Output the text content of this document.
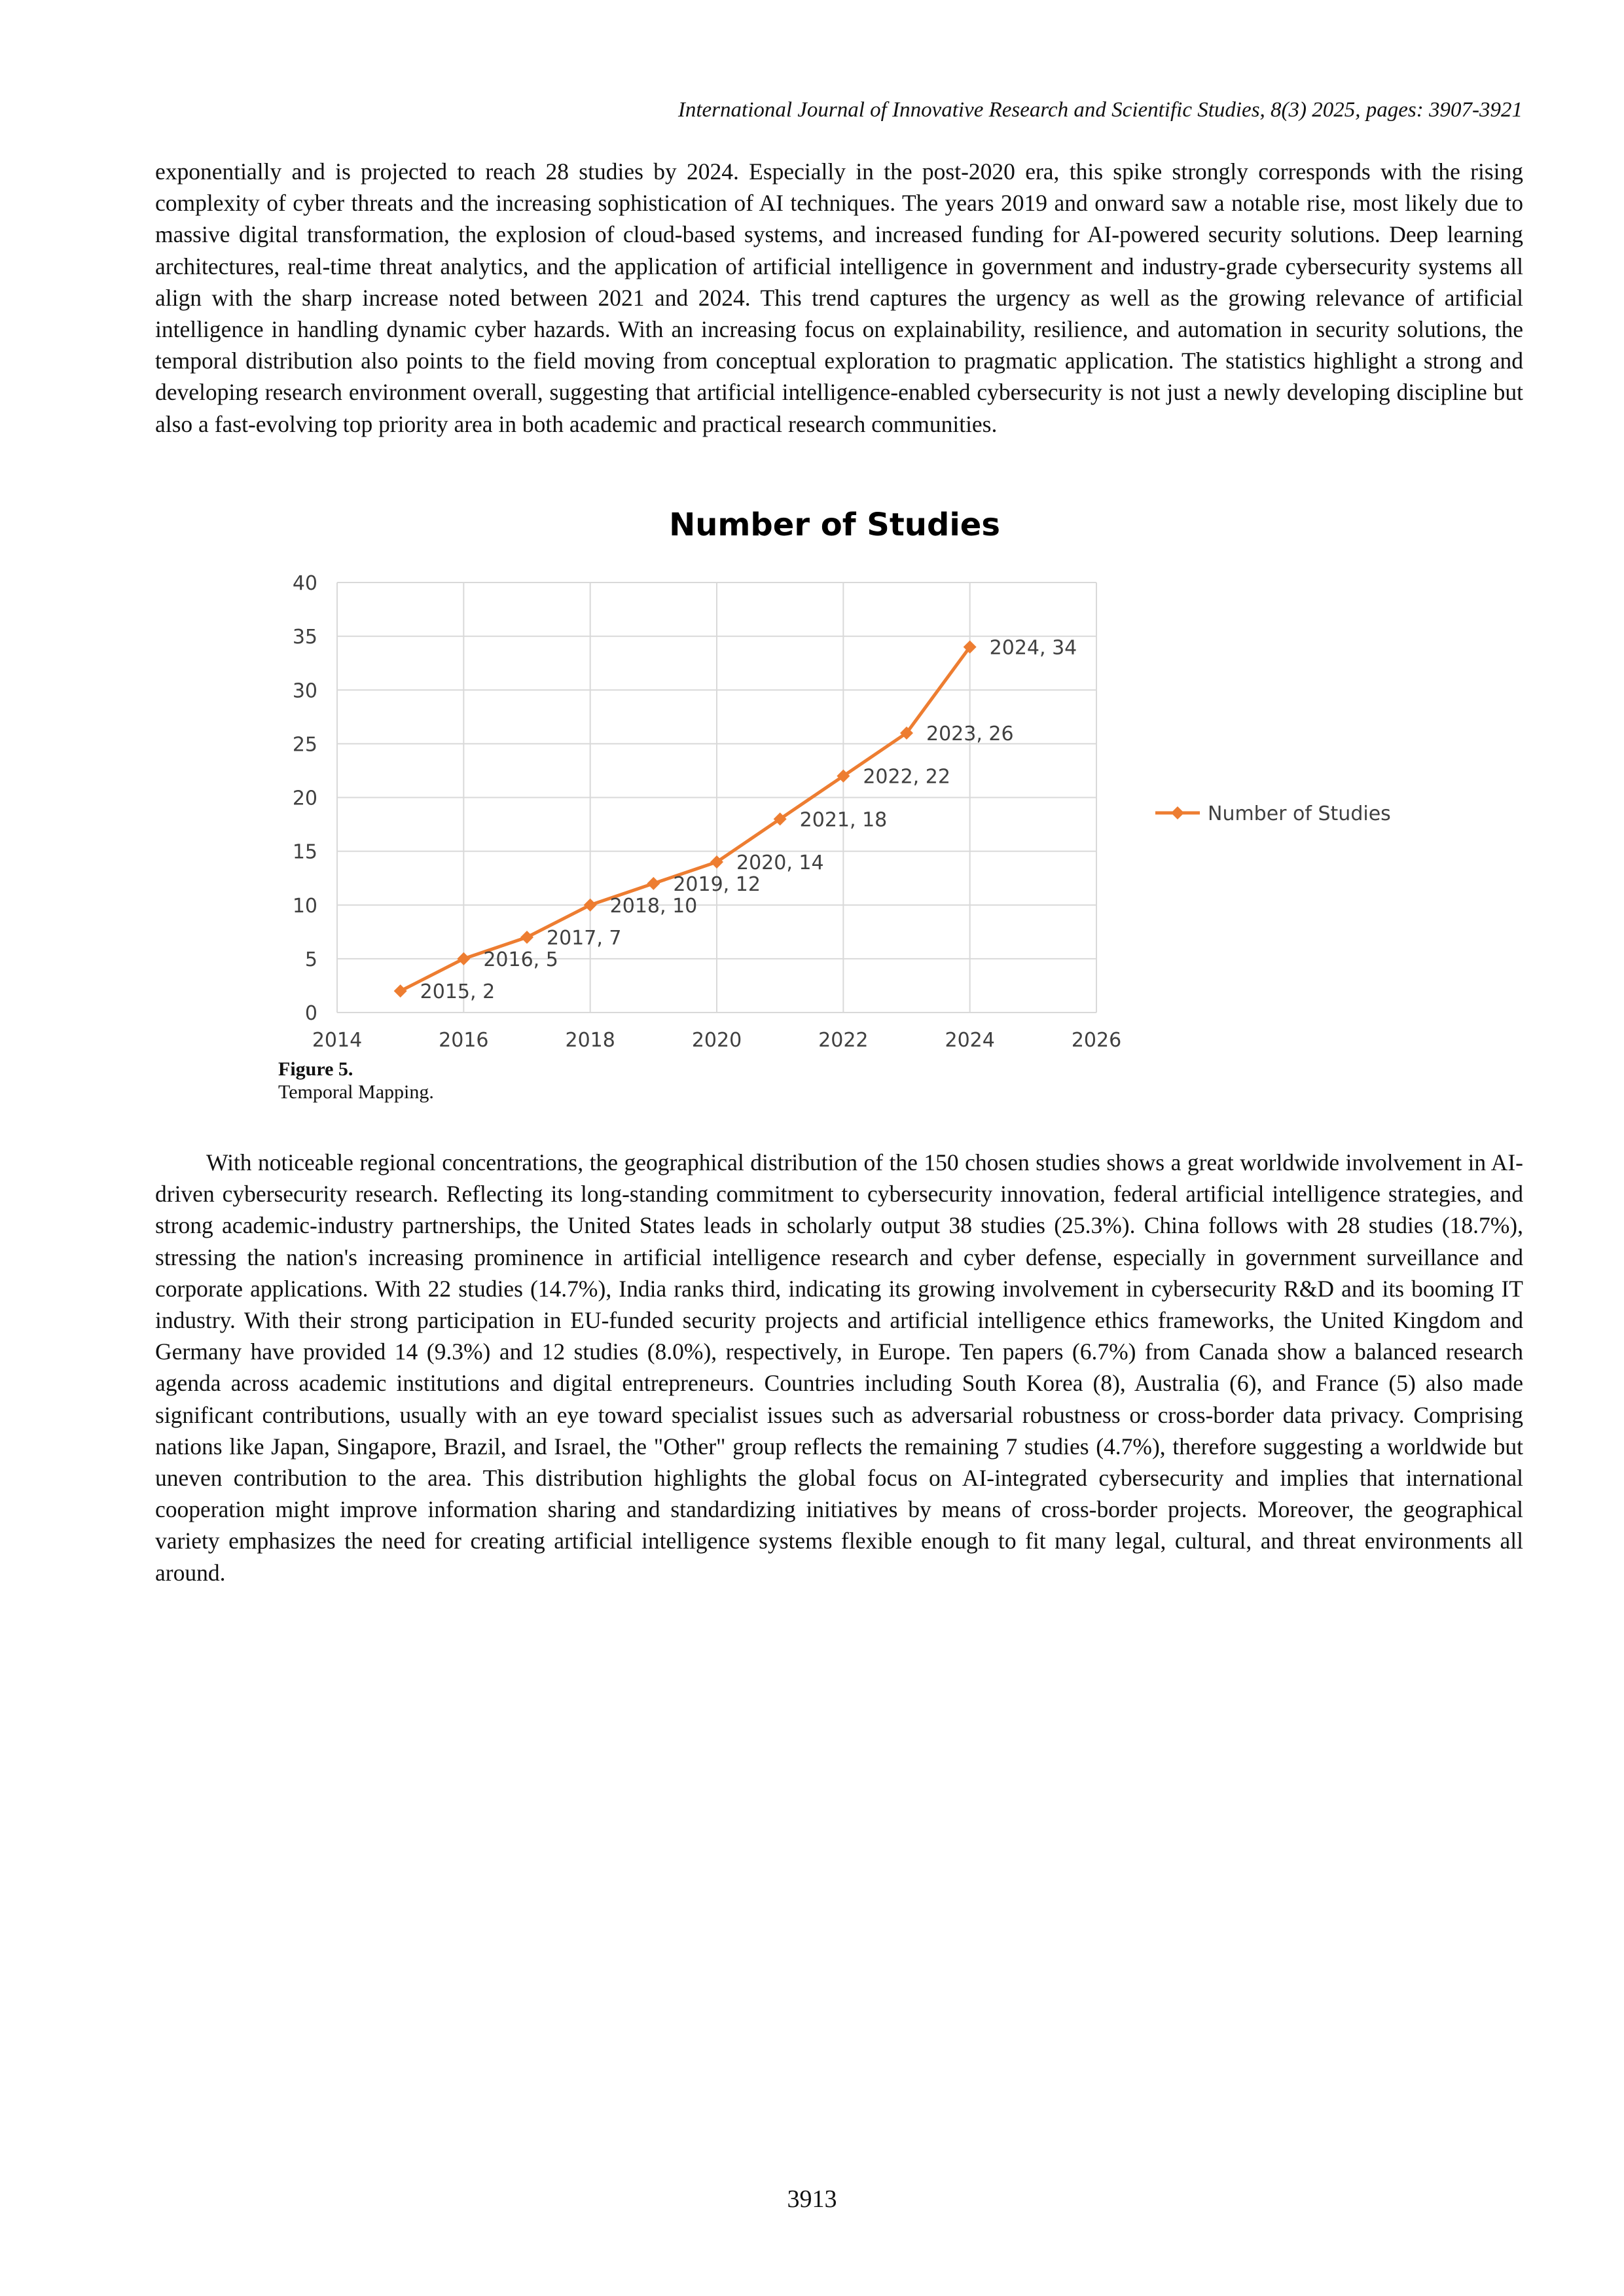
International Journal of Innovative Research and Scientific Studies, 8(3) 2025, pages: 3907-3921

exponentially and is projected to reach 28 studies by 2024. Especially in the post-2020 era, this spike strongly corresponds with the rising complexity of cyber threats and the increasing sophistication of AI techniques. The years 2019 and onward saw a notable rise, most likely due to massive digital transformation, the explosion of cloud-based systems, and increased funding for AI-powered security solutions. Deep learning architectures, real-time threat analytics, and the application of artificial intelligence in government and industry-grade cybersecurity systems all align with the sharp increase noted between 2021 and 2024. This trend captures the urgency as well as the growing relevance of artificial intelligence in handling dynamic cyber hazards. With an increasing focus on explainability, resilience, and automation in security solutions, the temporal distribution also points to the field moving from conceptual exploration to pragmatic application. The statistics highlight a strong and developing research environment overall, suggesting that artificial intelligence-enabled cybersecurity is not just a newly developing discipline but also a fast-evolving top priority area in both academic and practical research communities.

0
5
10
15
20
25
30
35
40
2014	2016	2018	2020	2022	2024	2026
Number of Studies
2015, 2
2016, 5
2017, 7
2018, 10
2019, 12
2020, 14
2021, 18
2022, 22
2023, 26
2024, 34
Number of Studies

Figure 5.

Temporal Mapping.

With noticeable regional concentrations, the geographical distribution of the 150 chosen studies shows a great worldwide involvement in AI-driven cybersecurity research. Reflecting its long-standing commitment to cybersecurity innovation, federal artificial intelligence strategies, and strong academic-industry partnerships, the United States leads in scholarly output 38 studies (25.3%). China follows with 28 studies (18.7%), stressing the nation's increasing prominence in artificial intelligence research and cyber defense, especially in government surveillance and corporate applications. With 22 studies (14.7%), India ranks third, indicating its growing involvement in cybersecurity R&D and its booming IT industry. With their strong participation in EU-funded security projects and artificial intelligence ethics frameworks, the United Kingdom and Germany have provided 14 (9.3%) and 12 studies (8.0%), respectively, in Europe. Ten papers (6.7%) from Canada show a balanced research agenda across academic institutions and digital entrepreneurs. Countries including South Korea (8), Australia (6), and France (5) also made significant contributions, usually with an eye toward specialist issues such as adversarial robustness or cross-border data privacy. Comprising nations like Japan, Singapore, Brazil, and Israel, the "Other" group reflects the remaining 7 studies (4.7%), therefore suggesting a worldwide but uneven contribution to the area. This distribution highlights the global focus on AI-integrated cybersecurity and implies that international cooperation might improve information sharing and standardizing initiatives by means of cross-border projects. Moreover, the geographical variety emphasizes the need for creating artificial intelligence systems flexible enough to fit many legal, cultural, and threat environments all around.

3913
